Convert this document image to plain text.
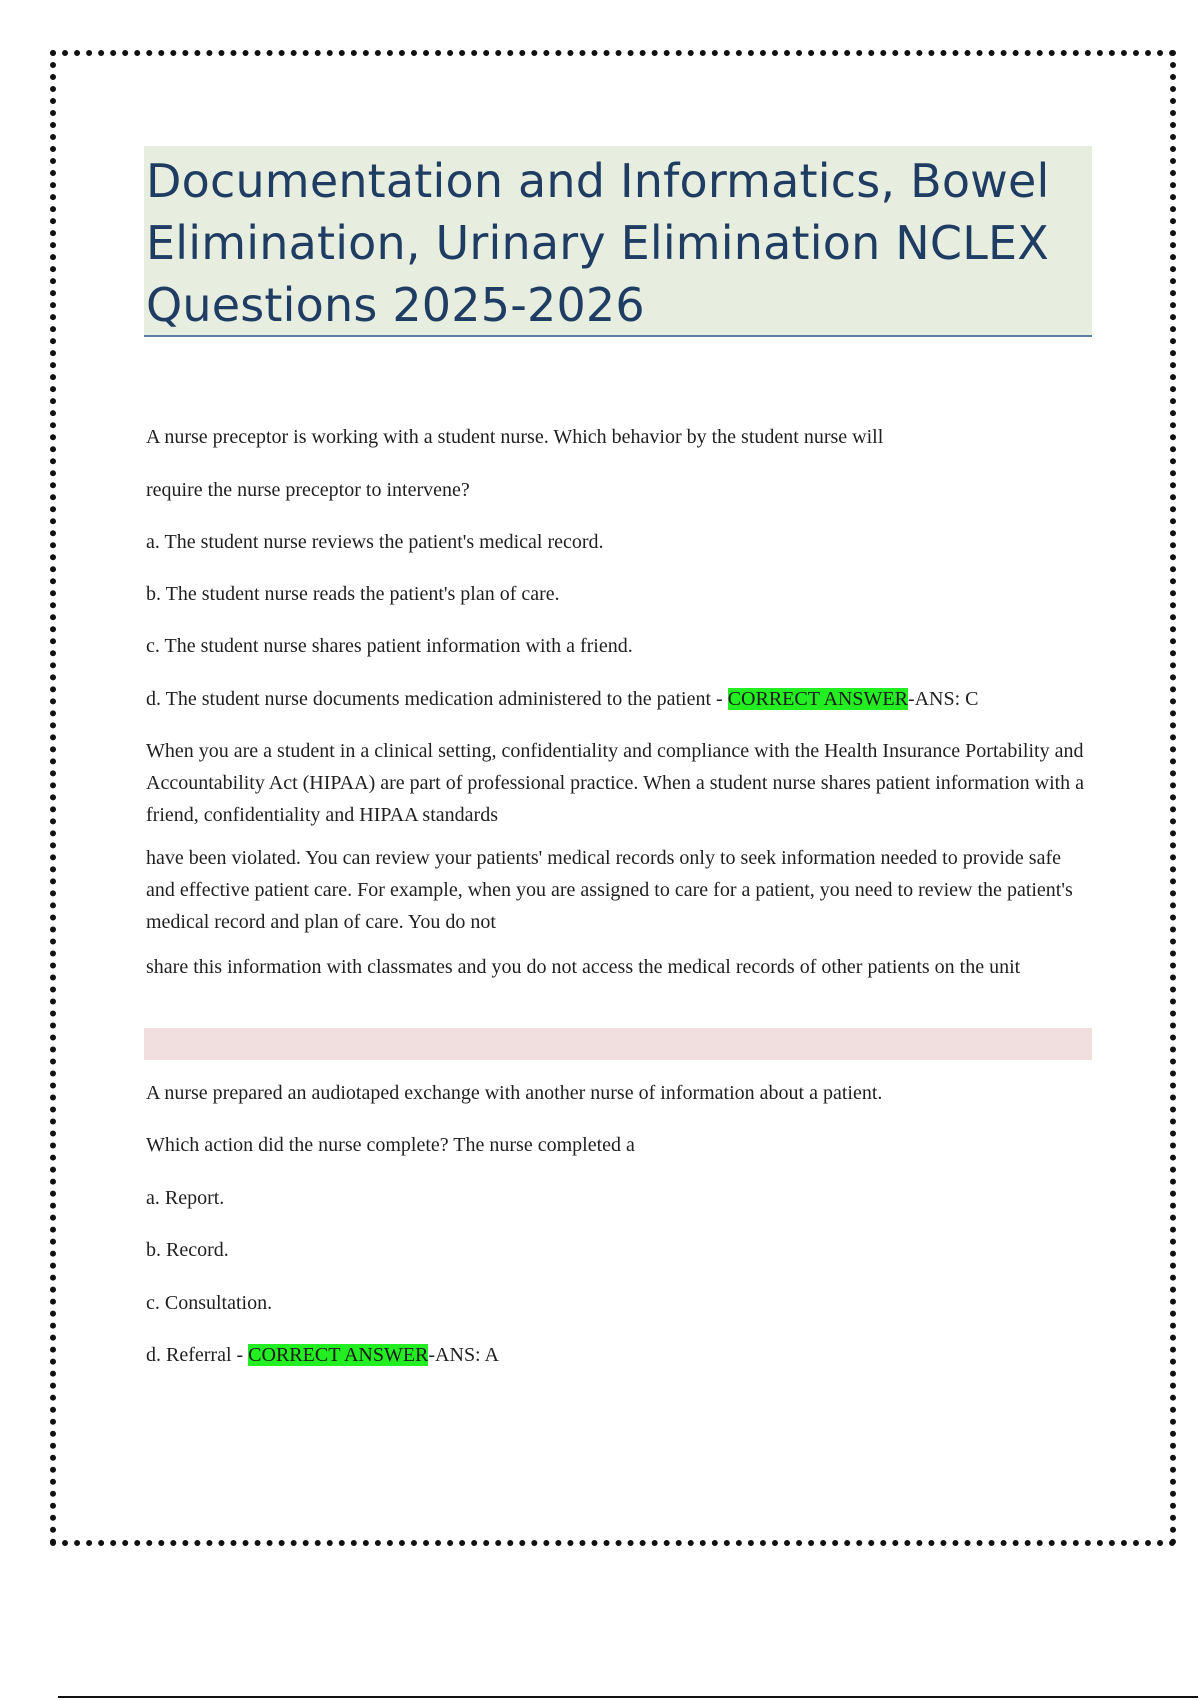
Documentation and Informatics, Bowel Elimination, Urinary Elimination NCLEX Questions 2025-2026
A nurse preceptor is working with a student nurse. Which behavior by the student nurse will
require the nurse preceptor to intervene?
a. The student nurse reviews the patient's medical record.
b. The student nurse reads the patient's plan of care.
c. The student nurse shares patient information with a friend.
d. The student nurse documents medication administered to the patient - CORRECT ANSWER-ANS: C
When you are a student in a clinical setting, confidentiality and compliance with the Health Insurance Portability and Accountability Act (HIPAA) are part of professional practice. When a student nurse shares patient information with a friend, confidentiality and HIPAA standards
have been violated. You can review your patients' medical records only to seek information needed to provide safe and effective patient care. For example, when you are assigned to care for a patient, you need to review the patient's medical record and plan of care. You do not
share this information with classmates and you do not access the medical records of other patients on the unit
A nurse prepared an audiotaped exchange with another nurse of information about a patient.
Which action did the nurse complete? The nurse completed a
a. Report.
b. Record.
c. Consultation.
d. Referral - CORRECT ANSWER-ANS: A
